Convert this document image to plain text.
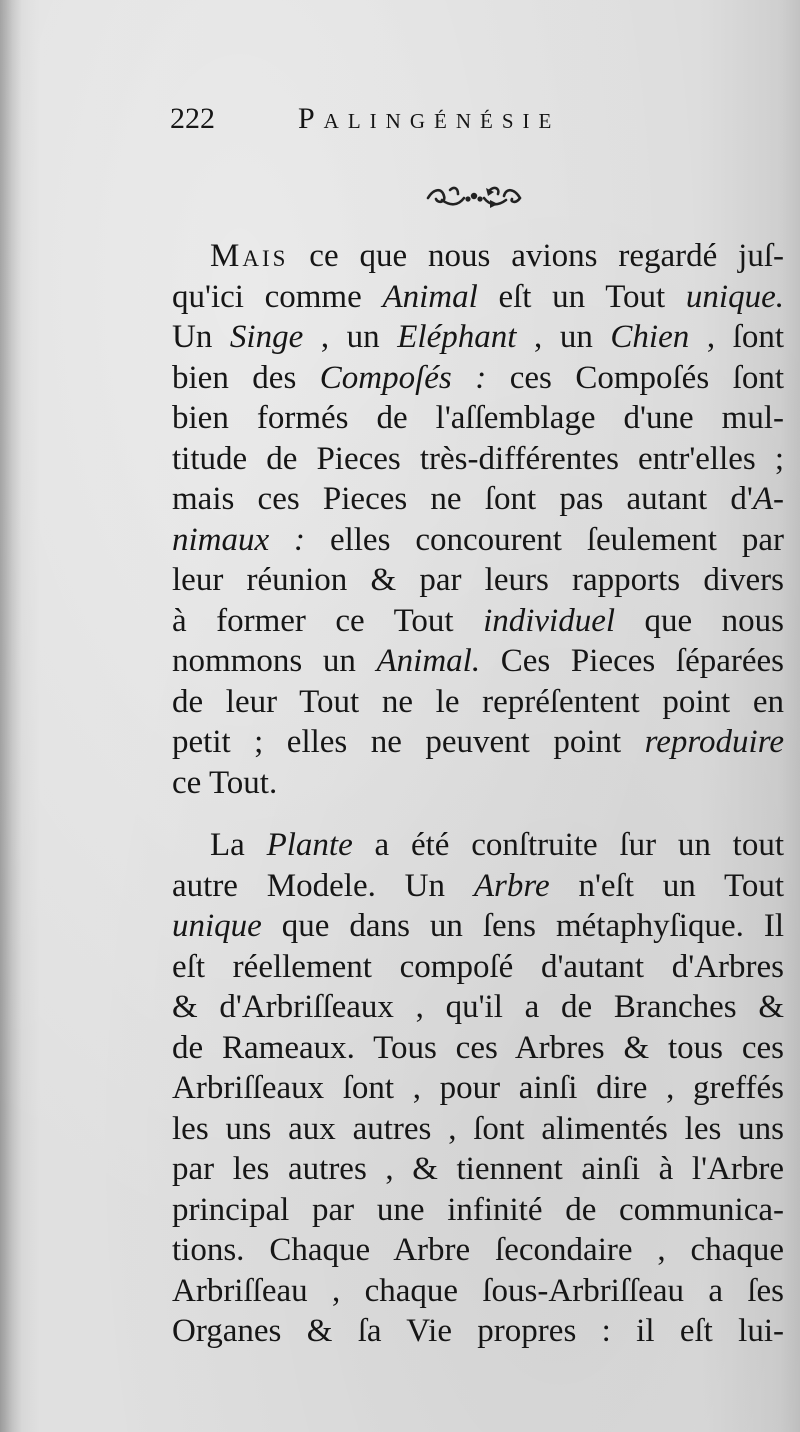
222	Palingénésie
Mais ce que nous avions regardé juſ-
qu'ici comme Animal eſt un Tout unique.
Un Singe , un Eléphant , un Chien , ſont
bien des Compoſés : ces Compoſés ſont
bien formés de l'aſſemblage d'une mul-
titude de Pieces très-différentes entr'elles ;
mais ces Pieces ne ſont pas autant d'A-
nimaux : elles concourent ſeulement par
leur réunion & par leurs rapports divers
à former ce Tout individuel que nous
nommons un Animal. Ces Pieces ſéparées
de leur Tout ne le repréſentent point en
petit ; elles ne peuvent point reproduire
ce Tout.
La Plante a été conſtruite ſur un tout
autre Modele. Un Arbre n'eſt un Tout
unique que dans un ſens métaphyſique. Il
eſt réellement compoſé d'autant d'Arbres
& d'Arbriſſeaux , qu'il a de Branches &
de Rameaux. Tous ces Arbres & tous ces
Arbriſſeaux ſont , pour ainſi dire , greffés
les uns aux autres , ſont alimentés les uns
par les autres , & tiennent ainſi à l'Arbre
principal par une infinité de communica-
tions. Chaque Arbre ſecondaire , chaque
Arbriſſeau , chaque ſous-Arbriſſeau a ſes
Organes & ſa Vie propres : il eſt lui-
